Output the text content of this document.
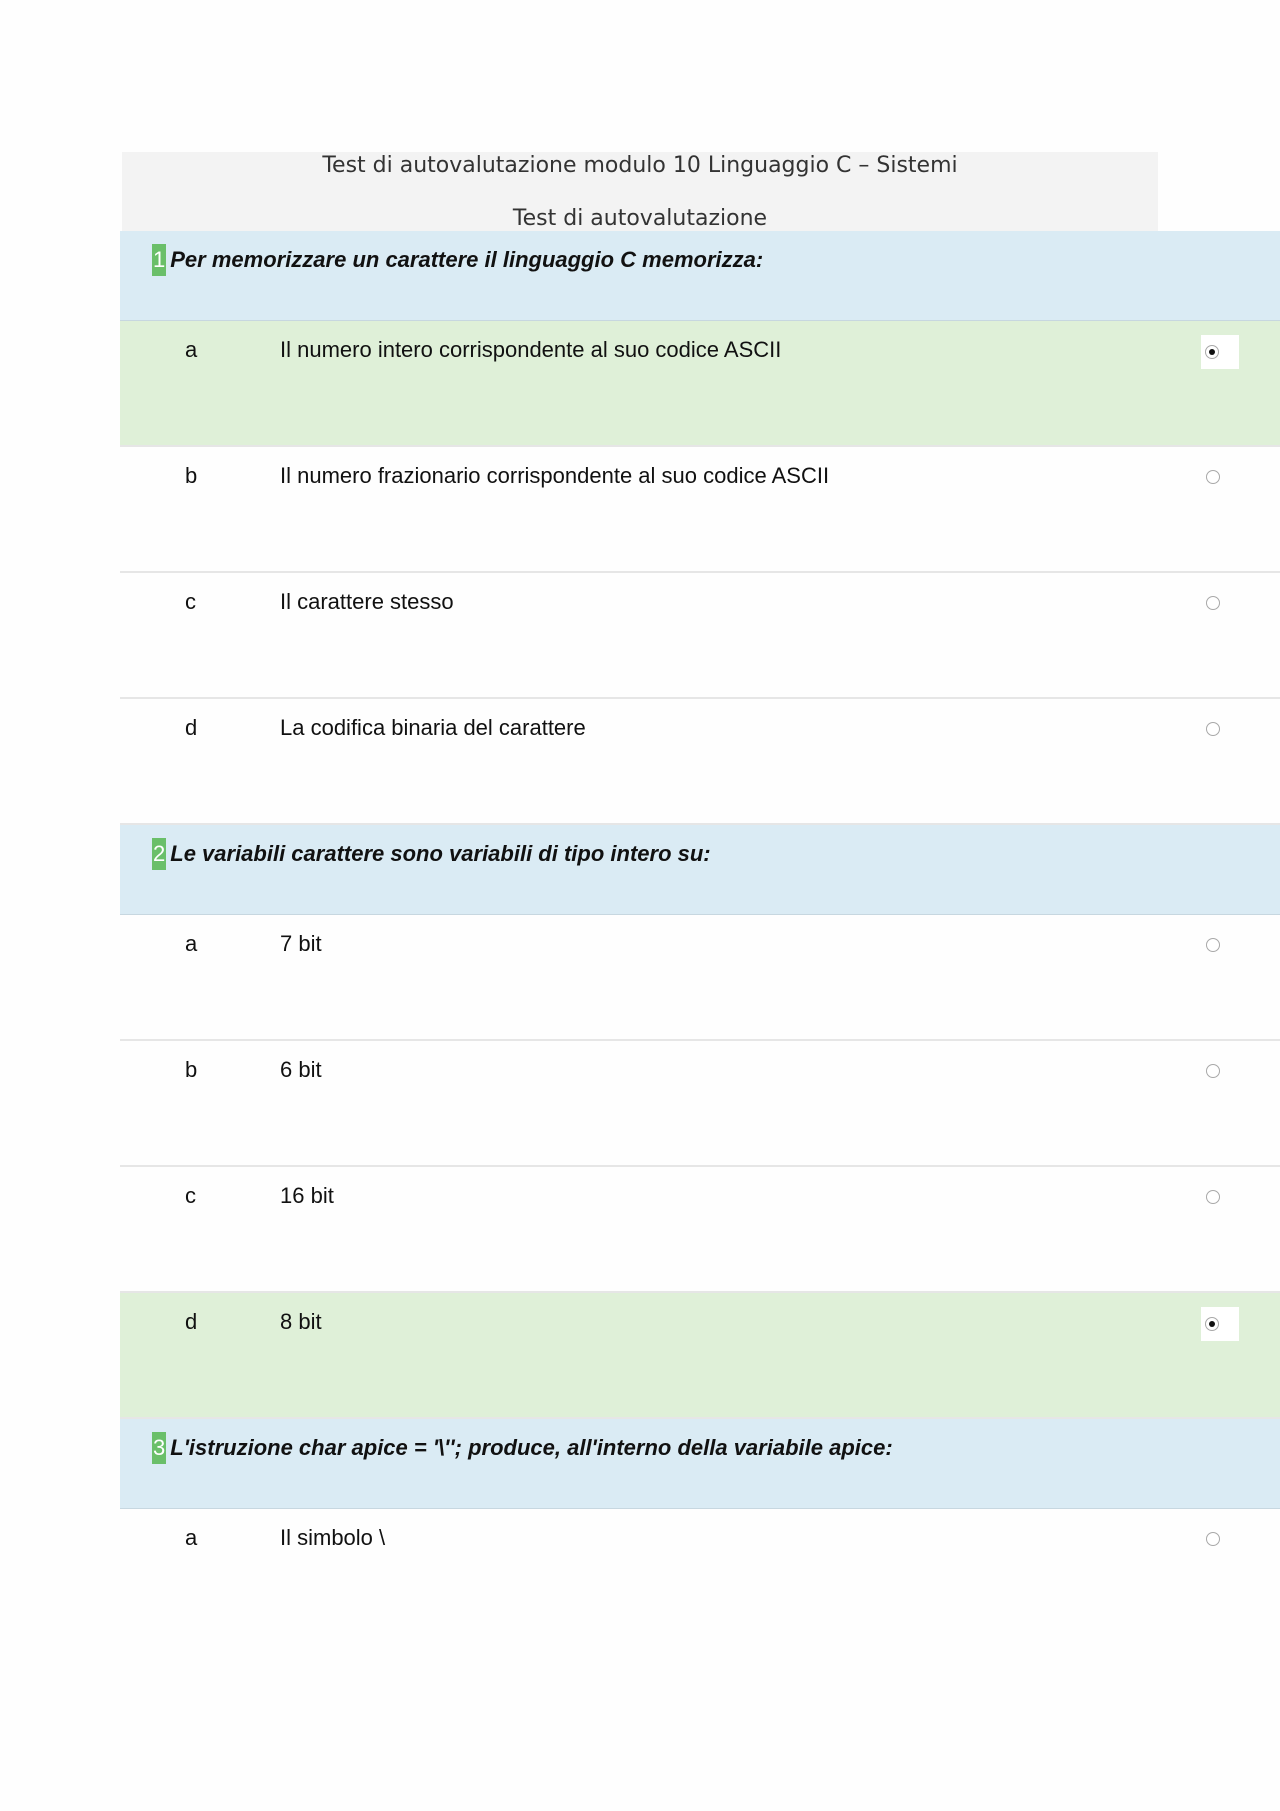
Test di autovalutazione modulo 10 Linguaggio C – Sistemi
Test di autovalutazione
1 Per memorizzare un carattere il linguaggio C memorizza:
a	Il numero intero corrispondente al suo codice ASCII
b	Il numero frazionario corrispondente al suo codice ASCII
c	Il carattere stesso
d	La codifica binaria del carattere
2 Le variabili carattere sono variabili di tipo intero su:
a	7 bit
b	6 bit
c	16 bit
d	8 bit
3 L'istruzione char apice = '\''; produce, all'interno della variabile apice:
a	Il simbolo \
